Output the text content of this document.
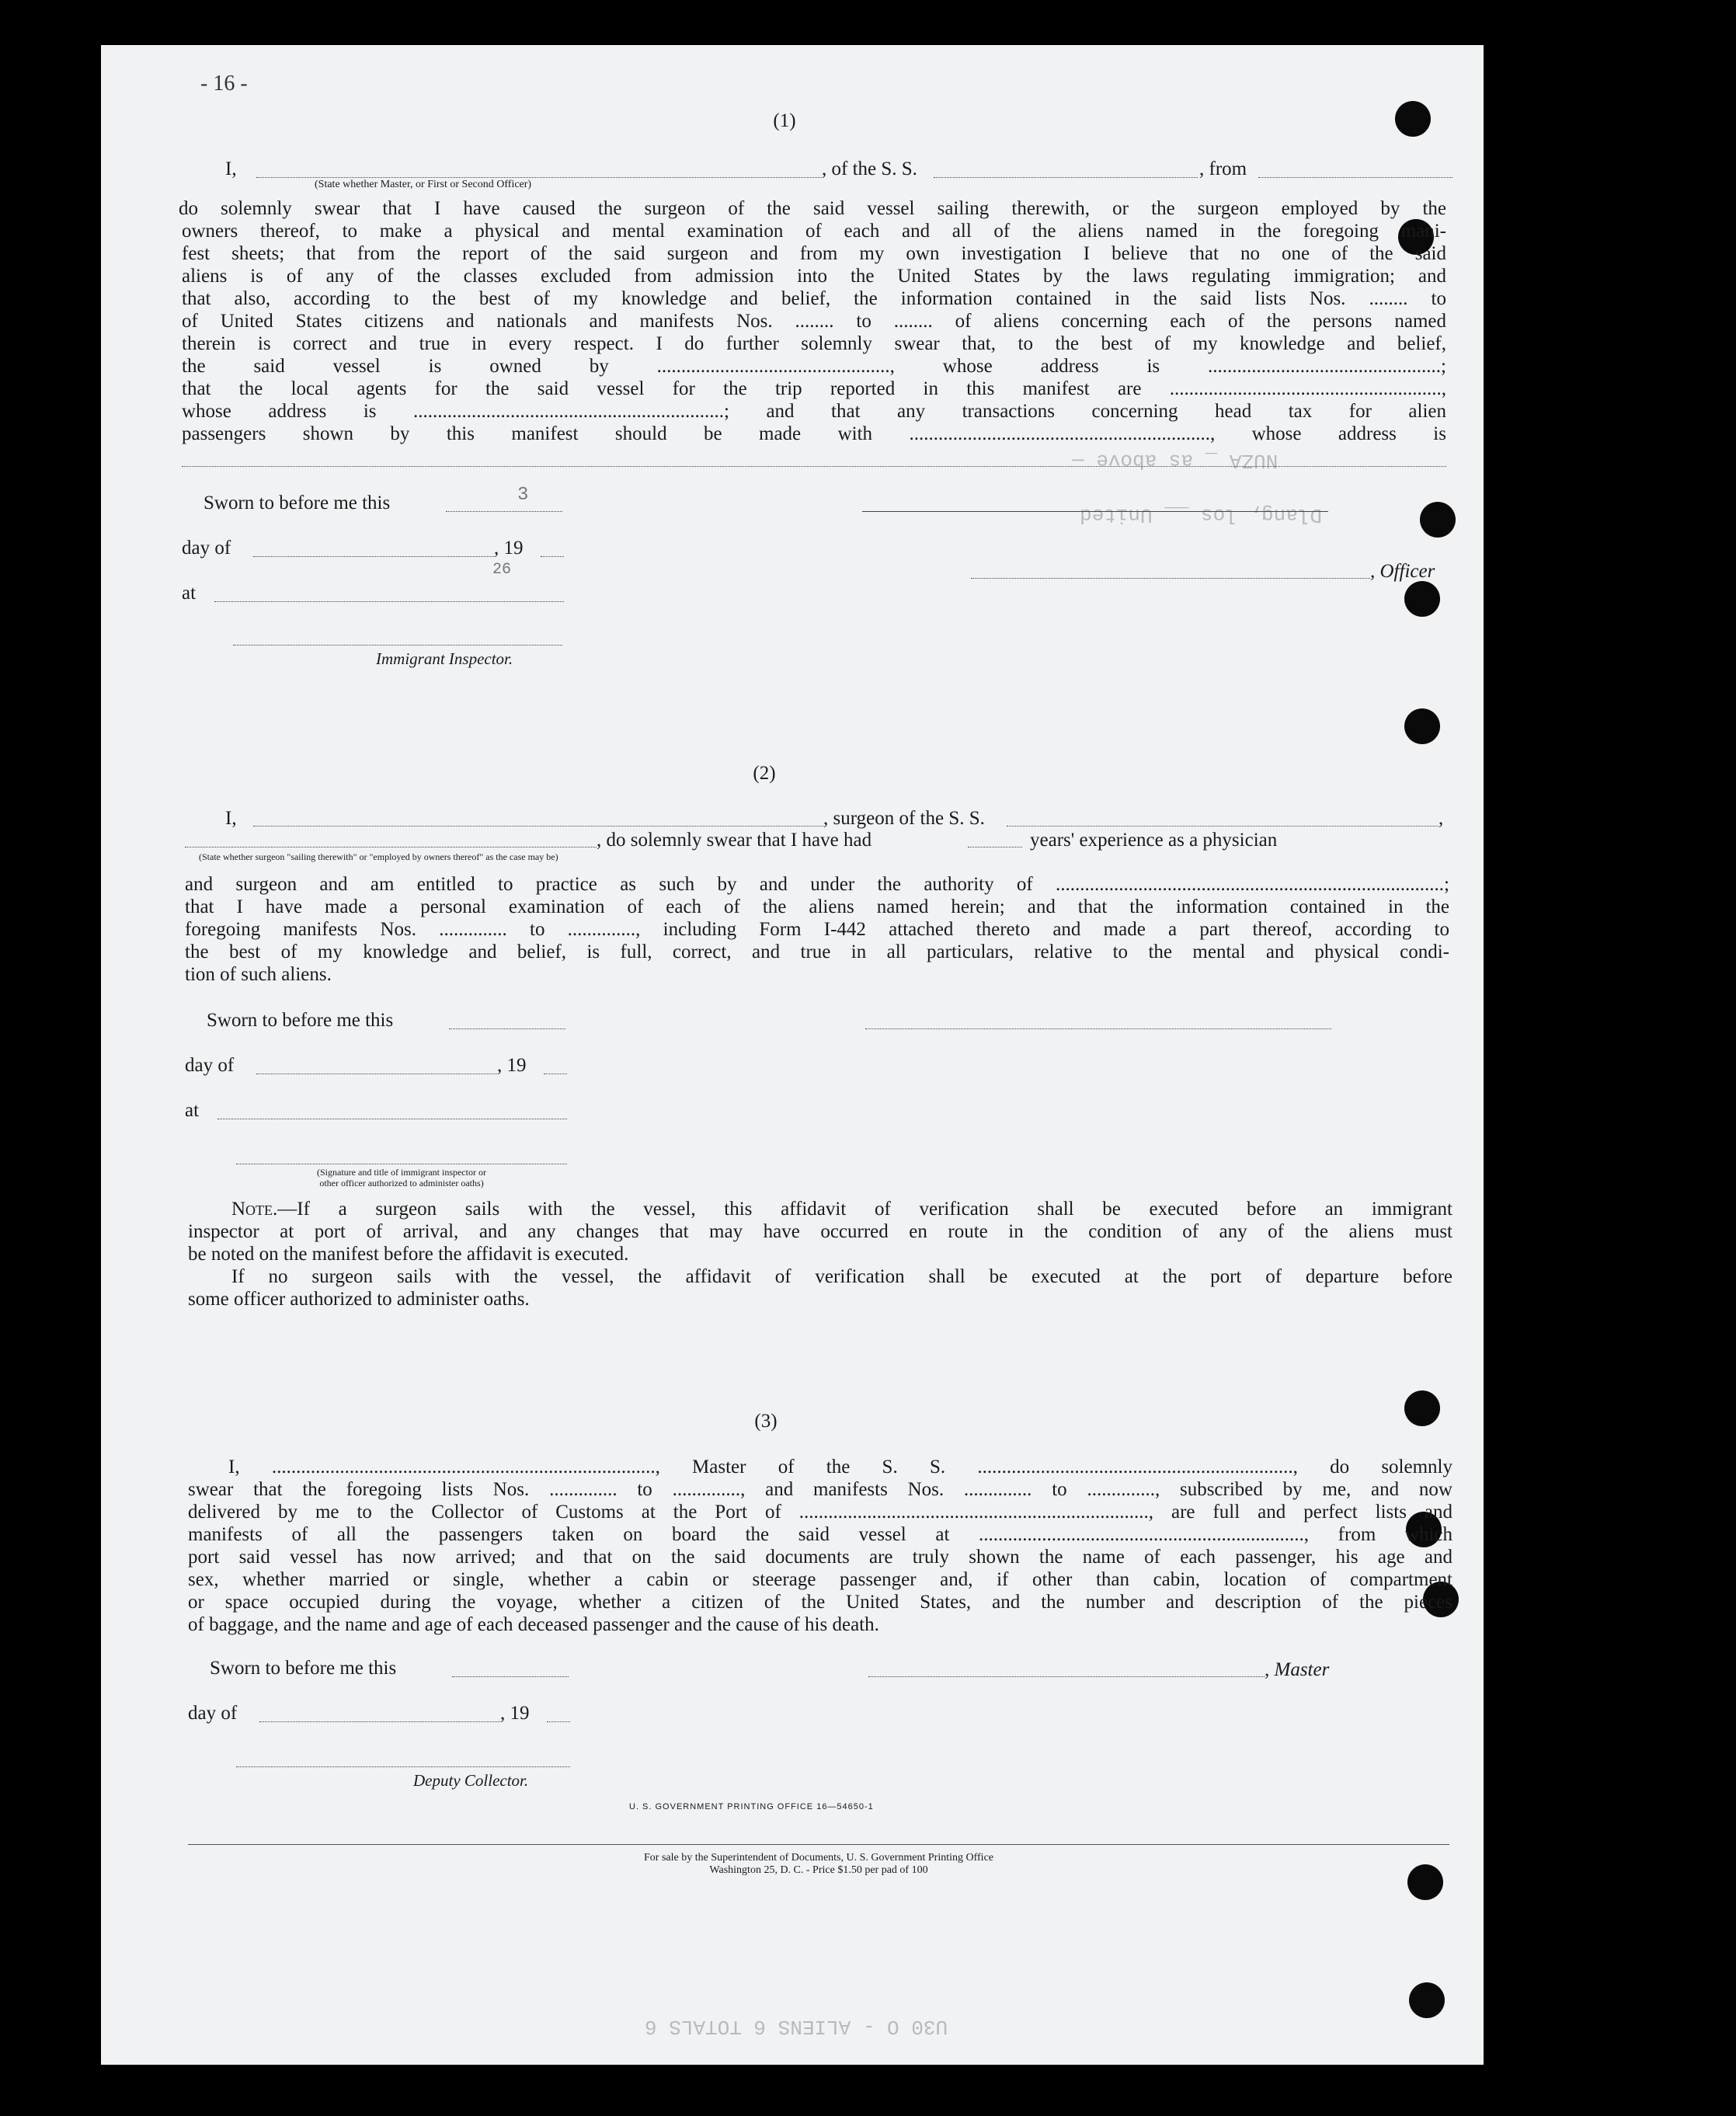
- 16 -
NUZA _ as above —
Dlang, los __ United
U30 O - ALIENS 6 TOTALS 6
(1)
I,
(State whether Master, or First or Second Officer)
, of the S. S.	, from
do solemnly swear that I have caused the surgeon of the said vessel sailing therewith, or the surgeon employed by the
owners thereof, to make a physical and mental examination of each and all of the aliens named in the foregoing mani-
fest sheets; that from the report of the said surgeon and from my own investigation I believe that no one of the said
aliens is of any of the classes excluded from admission into the United States by the laws regulating immigration; and
that also, according to the best of my knowledge and belief, the information contained in the said lists Nos. ........ to
of United States citizens and nationals and manifests Nos. ........ to ........ of aliens concerning each of the persons named
therein is correct and true in every respect. I do further solemnly swear that, to the best of my knowledge and belief,
the said vessel is owned by ................................................, whose address is ................................................;
that the local agents for the said vessel for the trip reported in this manifest are ........................................................,
whose address is ................................................................; and that any transactions concerning head tax for alien
passengers shown by this manifest should be made with .............................................................., whose address is
Sworn to before me this	3
day of	, 19
26
at
Immigrant Inspector.
, Officer
(2)
I,	, surgeon of the S. S.	,
, do solemnly swear that I have had	years' experience as a physician
(State whether surgeon "sailing therewith" or "employed by owners thereof" as the case may be)
and surgeon and am entitled to practice as such by and under the authority of ................................................................................;
that I have made a personal examination of each of the aliens named herein; and that the information contained in the
foregoing manifests Nos. .............. to .............., including Form I-442 attached thereto and made a part thereof, according to
the best of my knowledge and belief, is full, correct, and true in all particulars, relative to the mental and physical condi-
tion of such aliens.
Sworn to before me this
day of	, 19
at
(Signature and title of immigrant inspector or
other officer authorized to administer oaths)
Note.—If a surgeon sails with the vessel, this affidavit of verification shall be executed before an immigrant
inspector at port of arrival, and any changes that may have occurred en route in the condition of any of the aliens must
be noted on the manifest before the affidavit is executed.
If no surgeon sails with the vessel, the affidavit of verification shall be executed at the port of departure before
some officer authorized to administer oaths.
(3)
I, ..............................................................................., Master of the S. S. ................................................................., do solemnly
swear that the foregoing lists Nos. .............. to .............., and manifests Nos. .............. to .............., subscribed by me, and now
delivered by me to the Collector of Customs at the Port of ........................................................................, are full and perfect lists and
manifests of all the passengers taken on board the said vessel at ..................................................................., from which
port said vessel has now arrived; and that on the said documents are truly shown the name of each passenger, his age and
sex, whether married or single, whether a cabin or steerage passenger and, if other than cabin, location of compartment
or space occupied during the voyage, whether a citizen of the United States, and the number and description of the pieces
of baggage, and the name and age of each deceased passenger and the cause of his death.
Sworn to before me this	, Master
day of	, 19
Deputy Collector.
U. S. GOVERNMENT PRINTING OFFICE 16—54650-1
For sale by the Superintendent of Documents, U. S. Government Printing Office
Washington 25, D. C. - Price $1.50 per pad of 100
